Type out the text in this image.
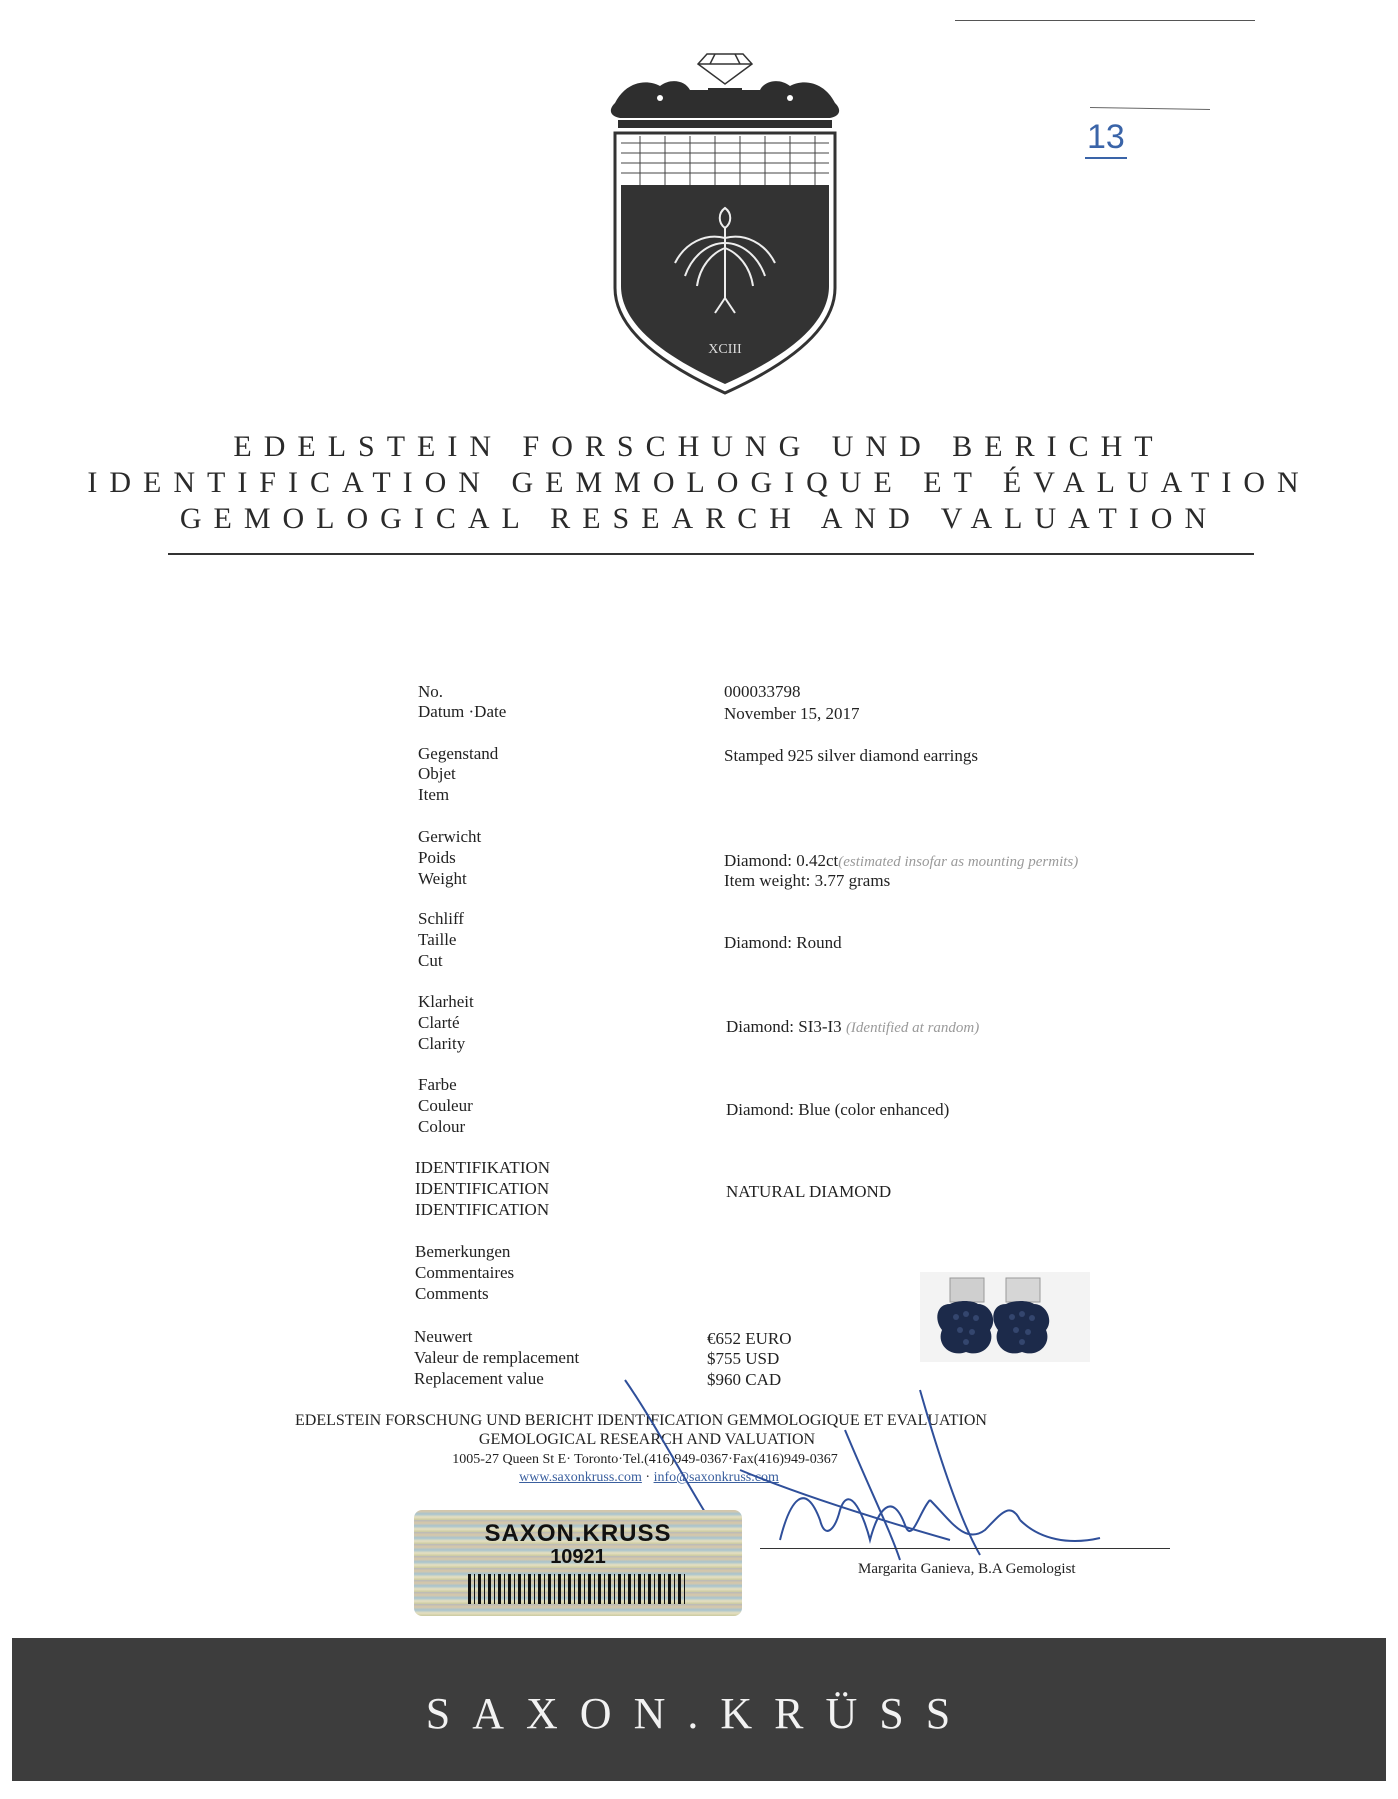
13
XCIII
EDELSTEIN FORSCHUNG UND BERICHT
IDENTIFICATION GEMMOLOGIQUE ET ÉVALUATION
GEMOLOGICAL RESEARCH AND VALUATION
No.
Datum ·Date
000033798
November 15, 2017
Gegenstand
Objet
Item
Stamped 925 silver diamond earrings
Gerwicht
Poids
Weight
Diamond: 0.42ct(estimated insofar as mounting permits)
Item weight: 3.77 grams
Schliff
Taille
Cut
Diamond: Round
Klarheit
Clarté
Clarity
Diamond: SI3-I3 (Identified at random)
Farbe
Couleur
Colour
Diamond: Blue (color enhanced)
IDENTIFIKATION
IDENTIFICATION
IDENTIFICATION
NATURAL DIAMOND
Bemerkungen
Commentaires
Comments
Neuwert
Valeur de remplacement
Replacement value
€652 EURO
$755 USD
$960 CAD
EDELSTEIN FORSCHUNG UND BERICHT IDENTIFICATION GEMMOLOGIQUE ET EVALUATION
GEMOLOGICAL RESEARCH AND VALUATION
1005-27 Queen St E· Toronto·Tel.(416)949-0367·Fax(416)949-0367
www.saxonkruss.com · info@saxonkruss.com
Margarita Ganieva, B.A Gemologist
SAXON.KRUSS
10921
SAXON.KRÜSS
